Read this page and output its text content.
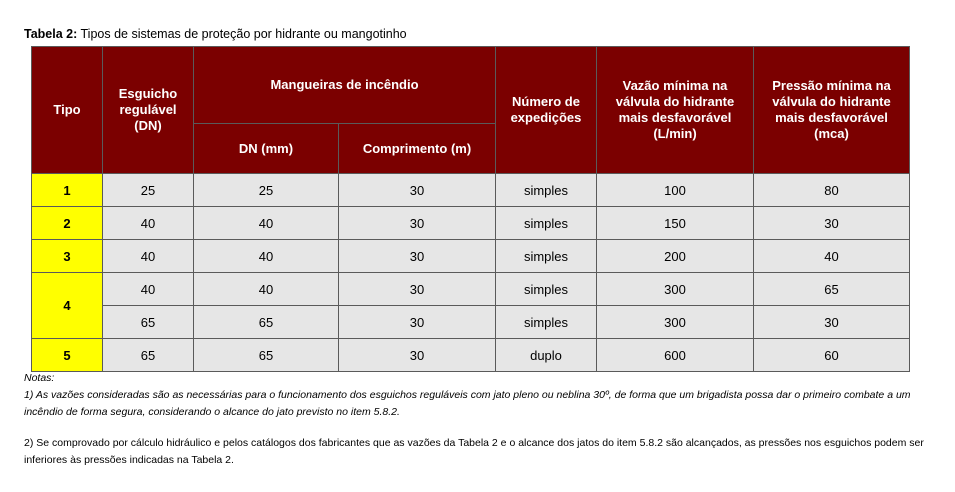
Tabela 2: Tipos de sistemas de proteção por hidrante ou mangotinho
Tipo	Esguicho regulável (DN)	Mangueiras de incêndio		Número de expedições	Vazão mínima na válvula do hidrante mais desfavorável (L/min)	Pressão mínima na válvula do hidrante mais desfavorável (mca)
		DN (mm)	Comprimento (m)			
1	25	25	30	simples	100	80
2	40	40	30	simples	150	30
3	40	40	30	simples	200	40
4	40	40	30	simples	300	65
	65	65	30	simples	300	30
5	65	65	30	duplo	600	60

Notas:

1) As vazões consideradas são as necessárias para o funcionamento dos esguichos reguláveis com jato pleno ou neblina 30º, de forma que um brigadista possa dar o primeiro combate a um incêndio de forma segura, considerando o alcance do jato previsto no item 5.8.2.

2) Se comprovado por cálculo hidráulico e pelos catálogos dos fabricantes que as vazões da Tabela 2 e o alcance dos jatos do item 5.8.2 são alcançados, as pressões nos esguichos podem ser inferiores às pressões indicadas na Tabela 2.
